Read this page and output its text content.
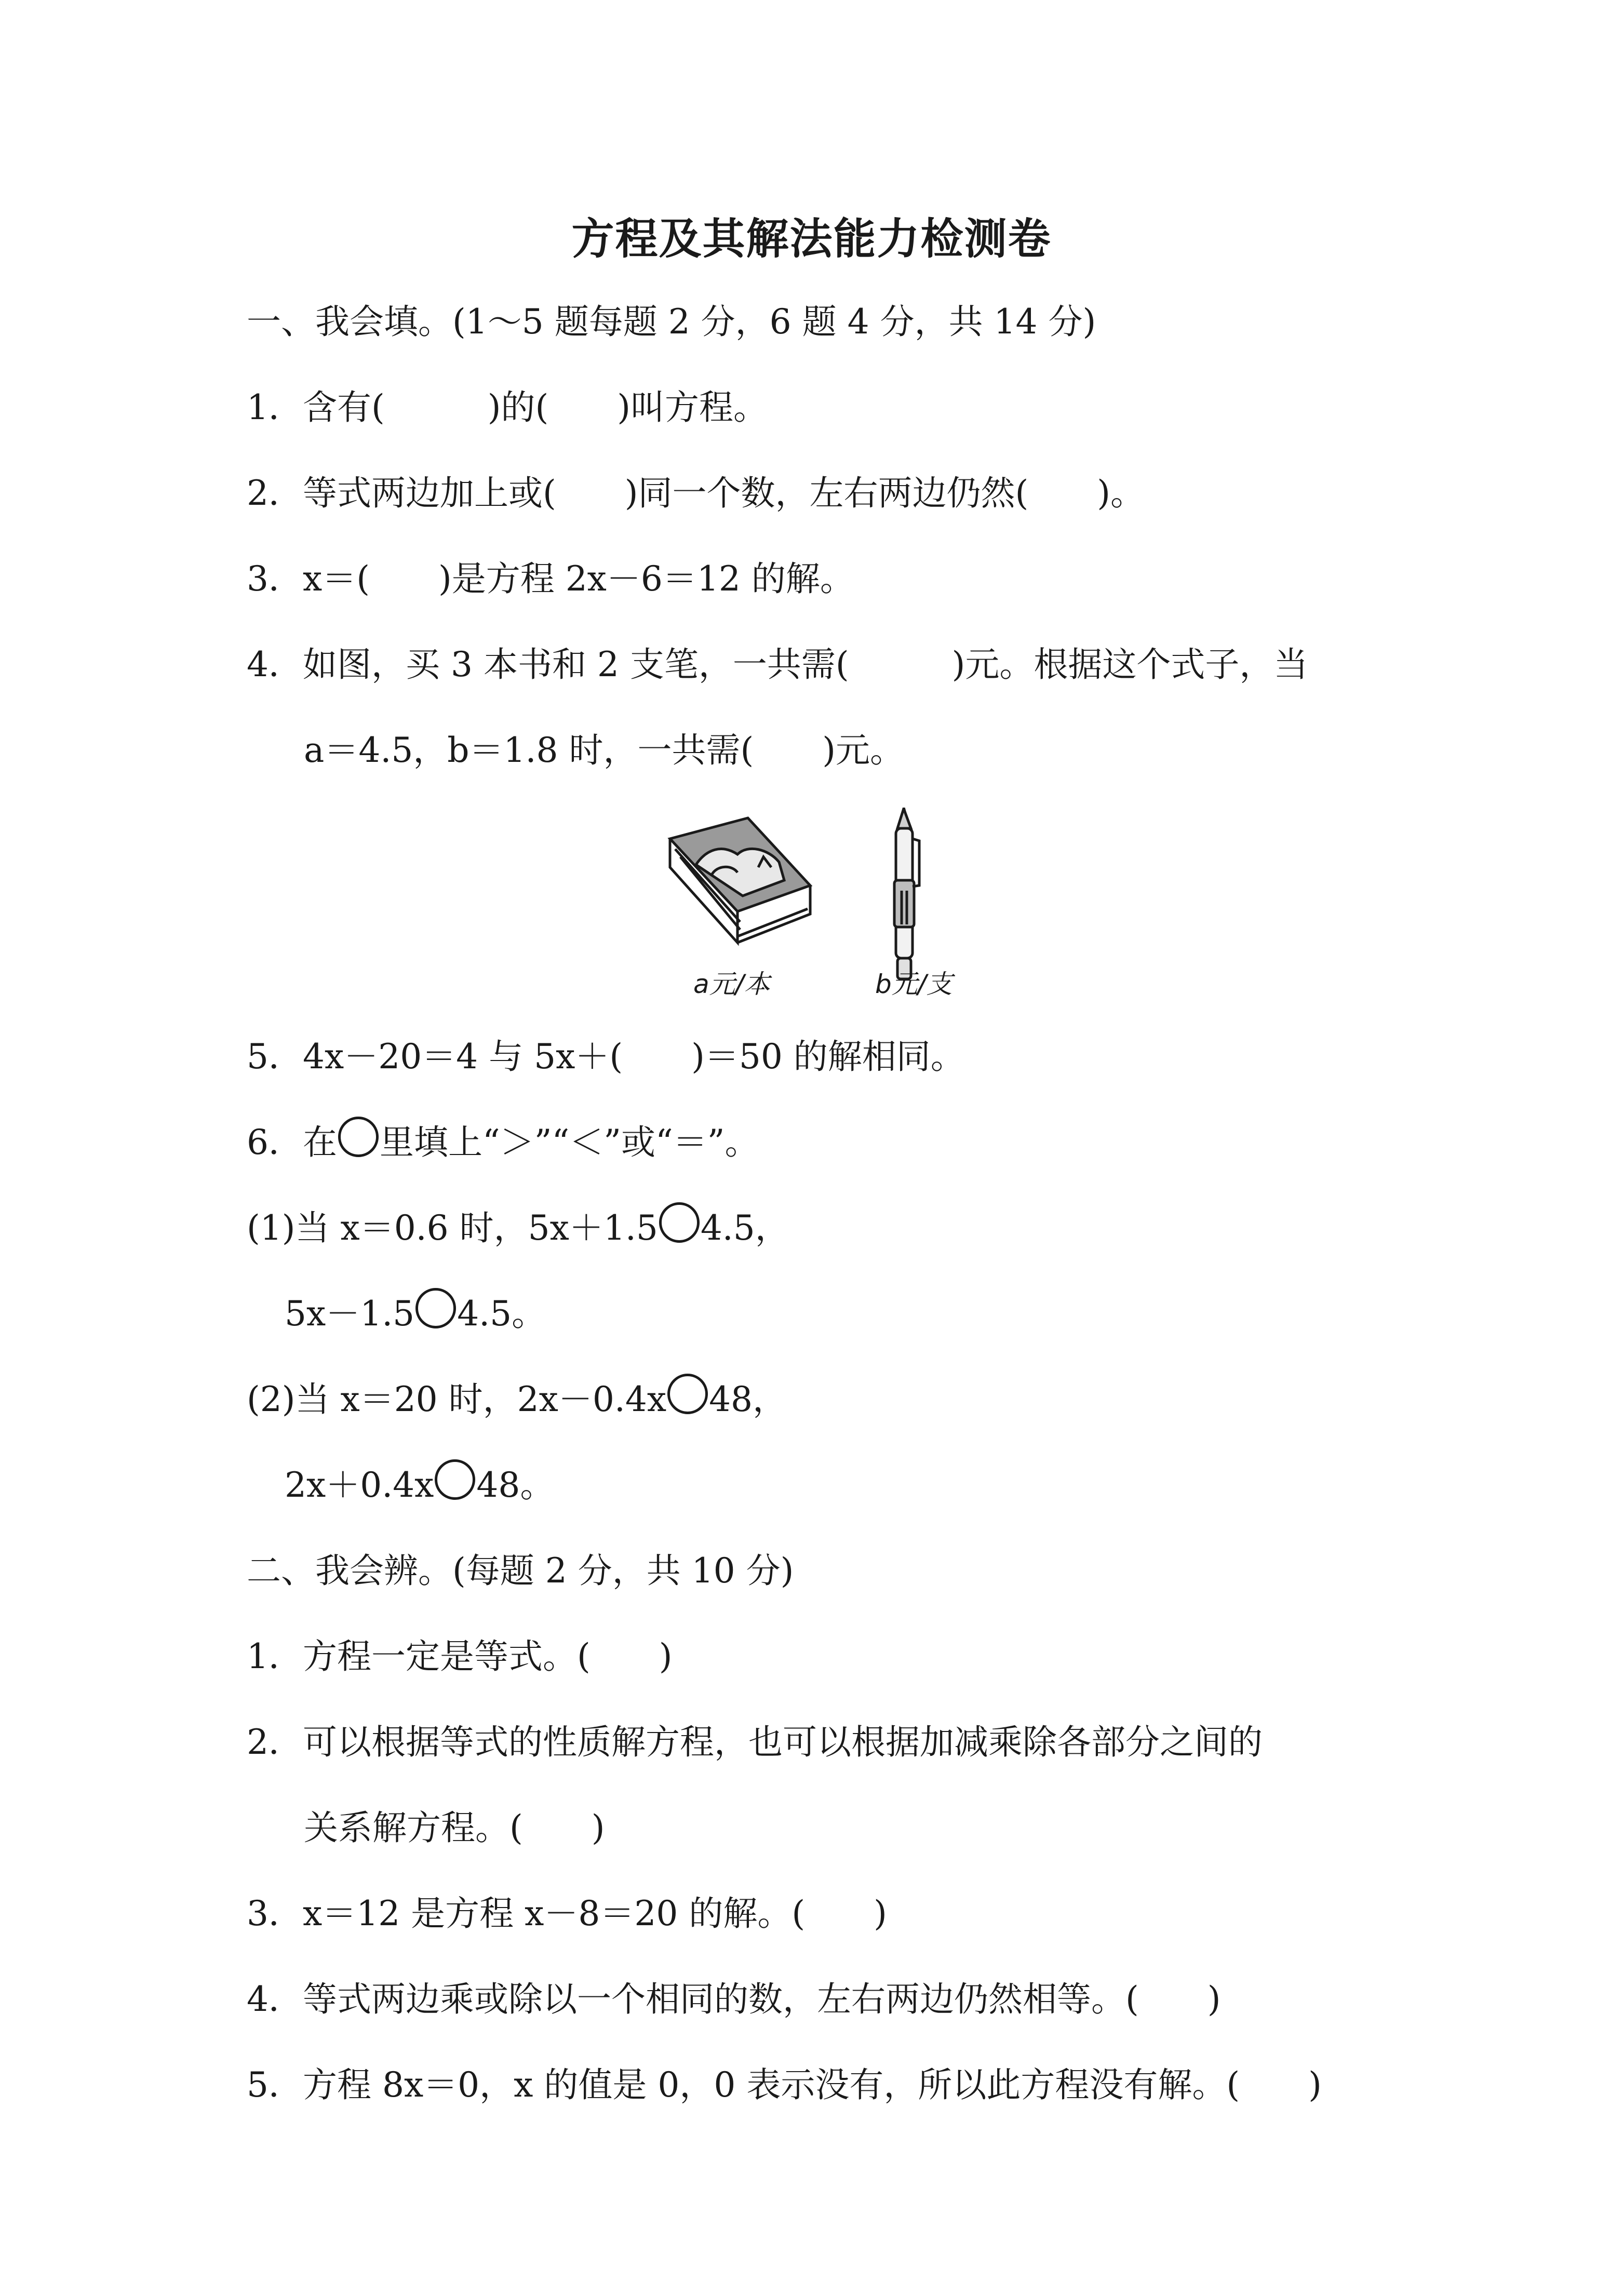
方程及其解法能力检测卷
一、我会填。(1～5 题每题 2 分，6 题 4 分，共 14 分)
1．含有(　　　)的(　　)叫方程。
2．等式两边加上或(　　)同一个数，左右两边仍然(　　)。
3．x＝(　　)是方程 2x－6＝12 的解。
4．如图，买 3 本书和 2 支笔，一共需(　　　)元。根据这个式子，当
a＝4.5，b＝1.8 时，一共需(　　)元。
a元/本	b元/支
5．4x－20＝4 与 5x＋(　　)＝50 的解相同。
6．在 里填上“＞”“＜”或“＝”。
(1)当 x＝0.6 时，5x＋1.5 4.5，
5x－1.5 4.5。
(2)当 x＝20 时，2x－0.4x 48，
2x＋0.4x 48。
二、我会辨。(每题 2 分，共 10 分)
1．方程一定是等式。(　　)
2．可以根据等式的性质解方程，也可以根据加减乘除各部分之间的
关系解方程。(　　)
3．x＝12 是方程 x－8＝20 的解。(　　)
4．等式两边乘或除以一个相同的数，左右两边仍然相等。(　　)
5．方程 8x＝0，x 的值是 0，0 表示没有，所以此方程没有解。(　　)
